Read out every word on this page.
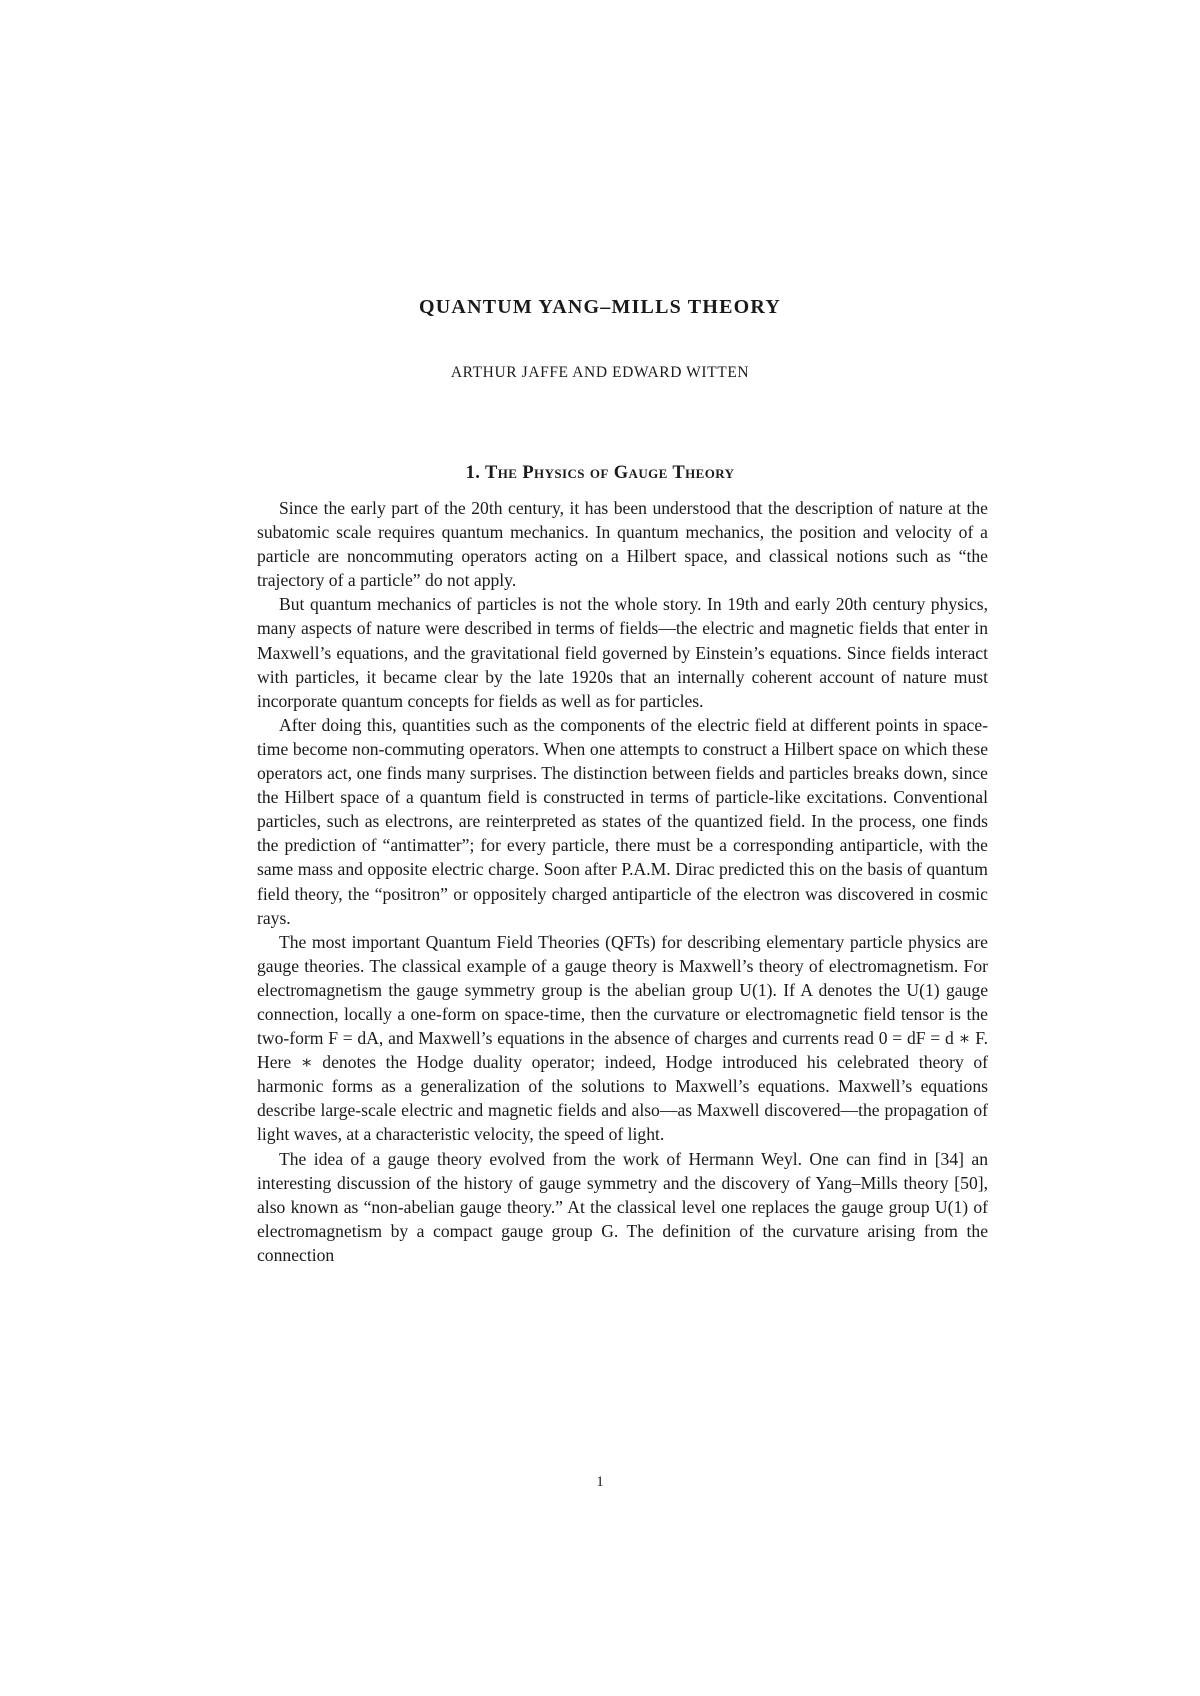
QUANTUM YANG–MILLS THEORY
ARTHUR JAFFE AND EDWARD WITTEN
1. The Physics of Gauge Theory

Since the early part of the 20th century, it has been understood that the description of nature at the subatomic scale requires quantum mechanics. In quantum mechanics, the position and velocity of a particle are noncommuting operators acting on a Hilbert space, and classical notions such as “the trajectory of a particle” do not apply.

But quantum mechanics of particles is not the whole story. In 19th and early 20th century physics, many aspects of nature were described in terms of fields—the electric and magnetic fields that enter in Maxwell’s equations, and the gravitational field governed by Einstein’s equations. Since fields interact with particles, it became clear by the late 1920s that an internally coherent account of nature must incorporate quantum concepts for fields as well as for particles.

After doing this, quantities such as the components of the electric field at different points in space-time become non-commuting operators. When one attempts to construct a Hilbert space on which these operators act, one finds many surprises. The distinction between fields and particles breaks down, since the Hilbert space of a quantum field is constructed in terms of particle-like excitations. Conventional particles, such as electrons, are reinterpreted as states of the quantized field. In the process, one finds the prediction of “antimatter”; for every particle, there must be a corresponding antiparticle, with the same mass and opposite electric charge. Soon after P.A.M. Dirac predicted this on the basis of quantum field theory, the “positron” or oppositely charged antiparticle of the electron was discovered in cosmic rays.

The most important Quantum Field Theories (QFTs) for describing elementary particle physics are gauge theories. The classical example of a gauge theory is Maxwell’s theory of electromagnetism. For electromagnetism the gauge symmetry group is the abelian group U(1). If A denotes the U(1) gauge connection, locally a one-form on space-time, then the curvature or electromagnetic field tensor is the two-form F = dA, and Maxwell’s equations in the absence of charges and currents read 0 = dF = d ∗ F. Here ∗ denotes the Hodge duality operator; indeed, Hodge introduced his celebrated theory of harmonic forms as a generalization of the solutions to Maxwell’s equations. Maxwell’s equations describe large-scale electric and magnetic fields and also—as Maxwell discovered—the propagation of light waves, at a characteristic velocity, the speed of light.

The idea of a gauge theory evolved from the work of Hermann Weyl. One can find in [34] an interesting discussion of the history of gauge symmetry and the discovery of Yang–Mills theory [50], also known as “non-abelian gauge theory.” At the classical level one replaces the gauge group U(1) of electromagnetism by a compact gauge group G. The definition of the curvature arising from the connection

1
